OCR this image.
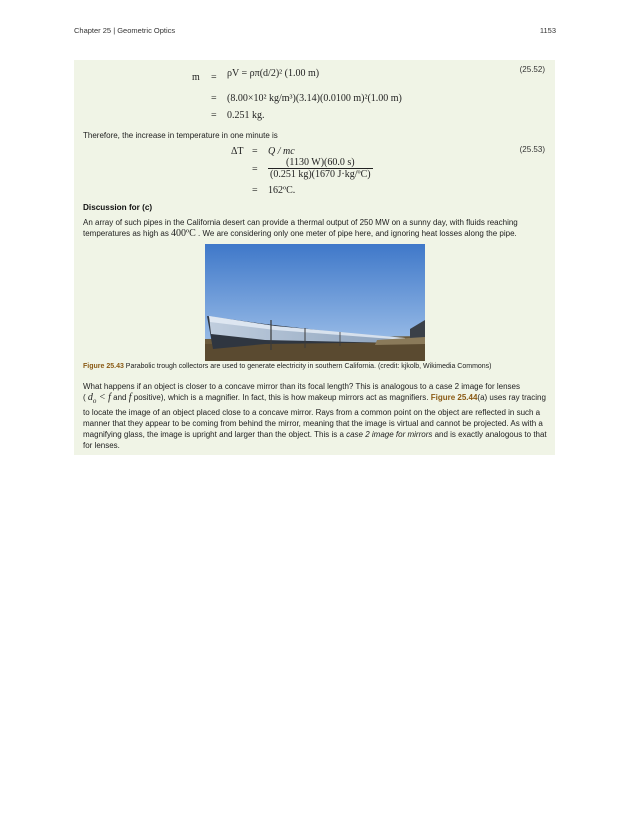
Chapter 25 | Geometric Optics	1153
m = ρV = ρπ(d/2)² (1.00 m)
= (8.00×10² kg/m³)(3.14)(0.0100 m)²(1.00 m)
= 0.251 kg.
(25.52)
Therefore, the increase in temperature in one minute is
ΔT = Q / mc
= $\frac{(1130 W)(60.0 s)}{\text{(0.251 kg)(1670 J·kg/ºC)}}$
= 162ºC.
(25.53)
Discussion for (c)
An array of such pipes in the California desert can provide a thermal output of 250 MW on a sunny day, with fluids reaching temperatures as high as 400ºC . We are considering only one meter of pipe here, and ignoring heat losses along the pipe.
Figure 25.43 Parabolic trough collectors are used to generate electricity in southern California. (credit: kjkolb, Wikimedia Commons)
What happens if an object is closer to a concave mirror than its focal length? This is analogous to a case 2 image for lenses
( $d_o < f$ and f positive), which is a magnifier. In fact, this is how makeup mirrors act as magnifiers. Figure 25.44(a) uses ray tracing to locate the image of an object placed close to a concave mirror. Rays from a common point on the object are reflected in such a manner that they appear to be coming from behind the mirror, meaning that the image is virtual and cannot be projected. As with a magnifying glass, the image is upright and larger than the object. This is a case 2 image for mirrors and is exactly analogous to that for lenses.
